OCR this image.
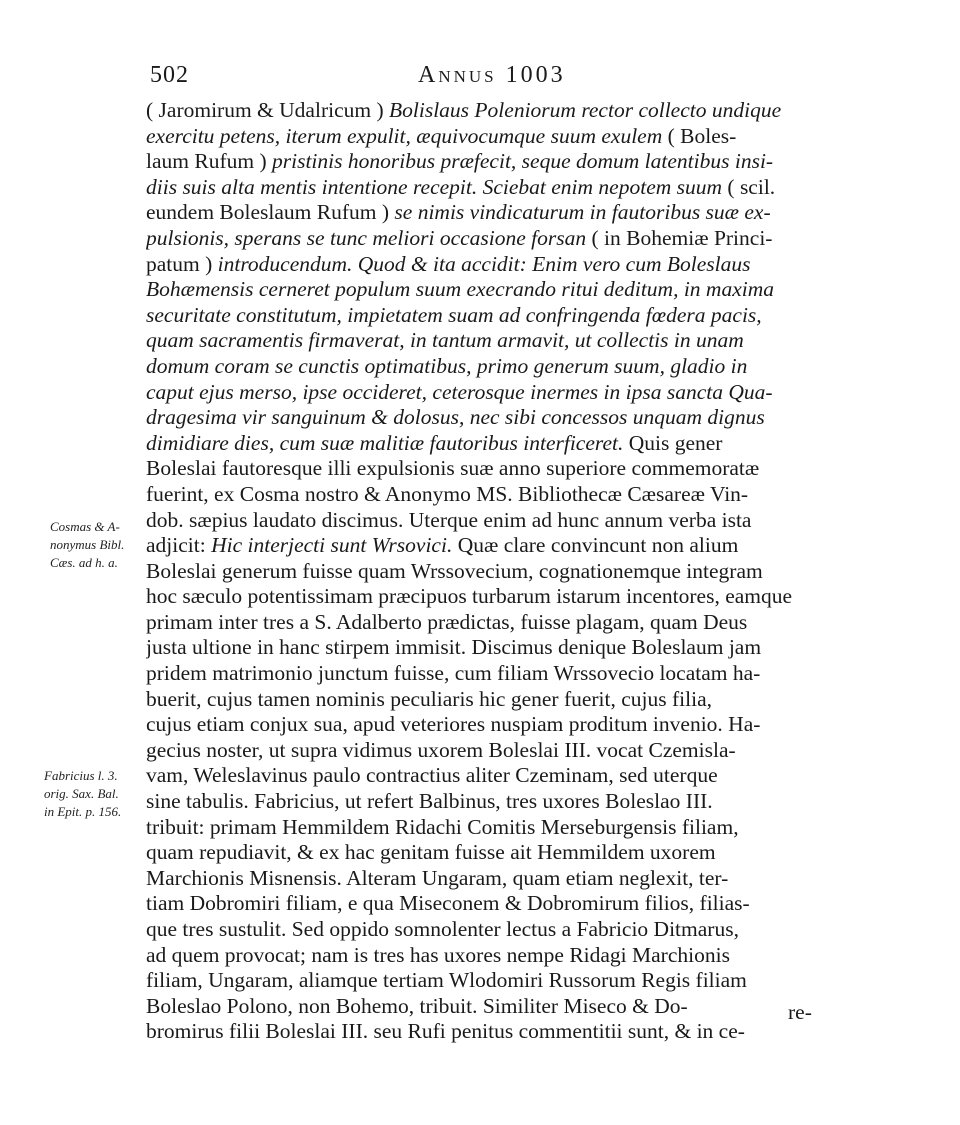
502	Annus 1003
( Jaromirum & Udalricum ) Bolislaus Poleniorum rector collecto undique
exercitu petens, iterum expulit, æquivocumque suum exulem ( Boles-
laum Rufum ) pristinis honoribus præfecit, seque domum latentibus insi-
diis suis alta mentis intentione recepit. Sciebat enim nepotem suum ( scil.
eundem Boleslaum Rufum ) se nimis vindicaturum in fautoribus suæ ex-
pulsionis, sperans se tunc meliori occasione forsan ( in Bohemiæ Princi-
patum ) introducendum. Quod & ita accidit: Enim vero cum Boleslaus
Bohæmensis cerneret populum suum execrando ritui deditum, in maxima
securitate constitutum, impietatem suam ad confringenda fœdera pacis,
quam sacramentis firmaverat, in tantum armavit, ut collectis in unam
domum coram se cunctis optimatibus, primo generum suum, gladio in
caput ejus merso, ipse occideret, ceterosque inermes in ipsa sancta Qua-
dragesima vir sanguinum & dolosus, nec sibi concessos unquam dignus
dimidiare dies, cum suæ malitiæ fautoribus interficeret. Quis gener
Boleslai fautoresque illi expulsionis suæ anno superiore commemoratæ
fuerint, ex Cosma nostro & Anonymo MS. Bibliothecæ Cæsareæ Vin-
dob. sæpius laudato discimus. Uterque enim ad hunc annum verba ista
adjicit: Hic interjecti sunt Wrsovici. Quæ clare convincunt non alium
Boleslai generum fuisse quam Wrssovecium, cognationemque integram
hoc sæculo potentissimam præcipuos turbarum istarum incentores, eamque
primam inter tres a S. Adalberto prædictas, fuisse plagam, quam Deus
justa ultione in hanc stirpem immisit. Discimus denique Boleslaum jam
pridem matrimonio junctum fuisse, cum filiam Wrssovecio locatam ha-
buerit, cujus tamen nominis peculiaris hic gener fuerit, cujus filia,
cujus etiam conjux sua, apud veteriores nuspiam proditum invenio. Ha-
gecius noster, ut supra vidimus uxorem Boleslai III. vocat Czemisla-
vam, Weleslavinus paulo contractius aliter Czeminam, sed uterque
sine tabulis. Fabricius, ut refert Balbinus, tres uxores Boleslao III.
tribuit: primam Hemmildem Ridachi Comitis Merseburgensis filiam,
quam repudiavit, & ex hac genitam fuisse ait Hemmildem uxorem
Marchionis Misnensis. Alteram Ungaram, quam etiam neglexit, ter-
tiam Dobromiri filiam, e qua Miseconem & Dobromirum filios, filias-
que tres sustulit. Sed oppido somnolenter lectus a Fabricio Ditmarus,
ad quem provocat; nam is tres has uxores nempe Ridagi Marchionis
filiam, Ungaram, aliamque tertiam Wlodomiri Russorum Regis filiam
Boleslao Polono, non Bohemo, tribuit. Similiter Miseco & Do-
bromirus filii Boleslai III. seu Rufi penitus commentitii sunt, & in ce-
re-
Cosmas & A-
nonymus Bibl.
Cæs. ad h. a.
Fabricius l. 3.
orig. Sax. Bal.
in Epit. p. 156.
